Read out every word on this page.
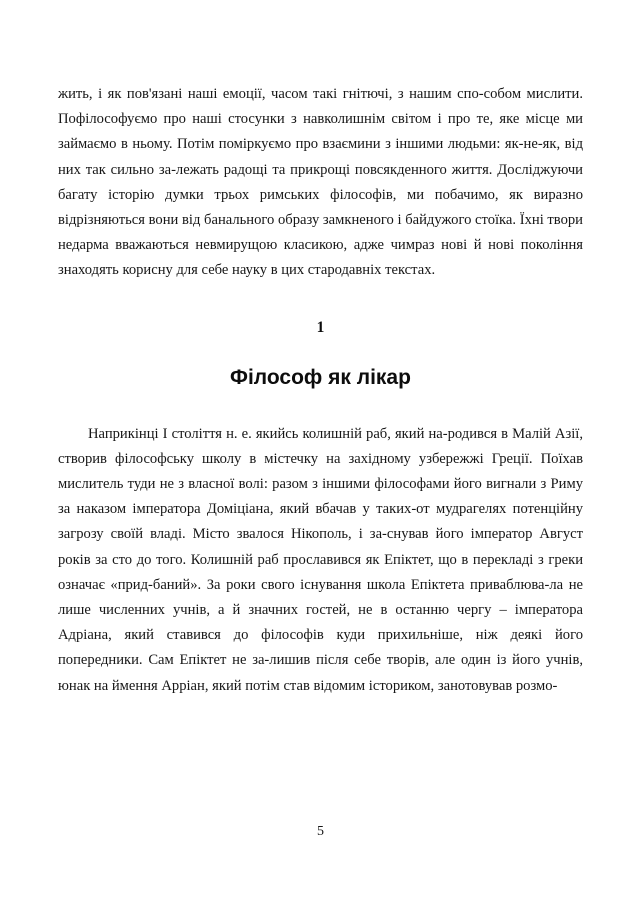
жить, і як пов'язані наші емоції, часом такі гнітючі, з нашим спо-собом мислити. Пофілософуємо про наші стосунки з навколишнім світом і про те, яке місце ми займаємо в ньому. Потім поміркуємо про взаємини з іншими людьми: як-не-як, від них так сильно за-лежать радощі та прикрощі повсякденного життя. Досліджуючи багату історію думки трьох римських філософів, ми побачимо, як виразно відрізняються вони від банального образу замкненого і байдужого стоїка. Їхні твори недарма вважаються невмирущою класикою, адже чимраз нові й нові покоління знаходять корисну для себе науку в цих стародавніх текстах.

1
Філософ як лікар

Наприкінці I століття н. е. якийсь колишній раб, який на-родився в Малій Азії, створив філософську школу в містечку на західному узбережжі Греції. Поїхав мислитель туди не з власної волі: разом з іншими філософами його вигнали з Риму за наказом імператора Доміціана, який вбачав у таких-от мудрагелях потенційну загрозу своїй владі. Місто звалося Нікополь, і за-снував його імператор Август років за сто до того. Колишній раб прославився як Епіктет, що в перекладі з греки означає «прид-баний». За роки свого існування школа Епіктета приваблюва-ла не лише численних учнів, а й значних гостей, не в останню чергу – імператора Адріана, який ставився до філософів куди прихильніше, ніж деякі його попередники. Сам Епіктет не за-лишив після себе творів, але один із його учнів, юнак на ймення Арріан, який потім став відомим істориком, занотовував розмо-

5
